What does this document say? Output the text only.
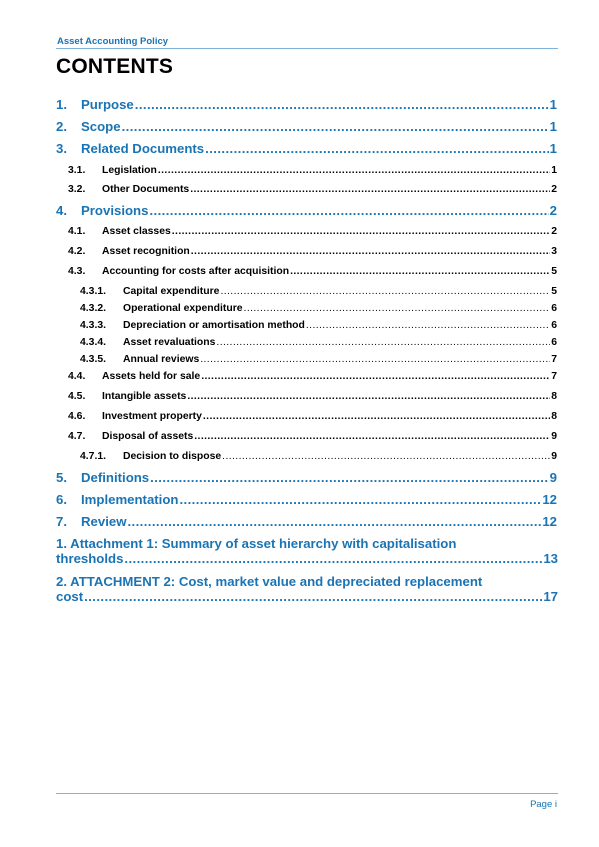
Asset Accounting Policy
CONTENTS
1.	Purpose .....	1
2.	Scope .....	1
3.	Related Documents .....	1
3.1.	Legislation .....	1
3.2.	Other Documents .....	2
4.	Provisions .....	2
4.1.	Asset classes .....	2
4.2.	Asset recognition .....	3
4.3.	Accounting for costs after acquisition .....	5
4.3.1.	Capital expenditure .....	5
4.3.2.	Operational expenditure .....	6
4.3.3.	Depreciation or amortisation method .....	6
4.3.4.	Asset revaluations .....	6
4.3.5.	Annual reviews .....	7
4.4.	Assets held for sale .....	7
4.5.	Intangible assets .....	8
4.6.	Investment property .....	8
4.7.	Disposal of assets .....	9
4.7.1.	Decision to dispose .....	9
5.	Definitions .....	9
6.	Implementation .....	12
7.	Review .....	12
1. Attachment 1: Summary of asset hierarchy with capitalisation
thresholds .....	13
2. ATTACHMENT 2: Cost, market value and depreciated replacement
cost .....	17
Page i
